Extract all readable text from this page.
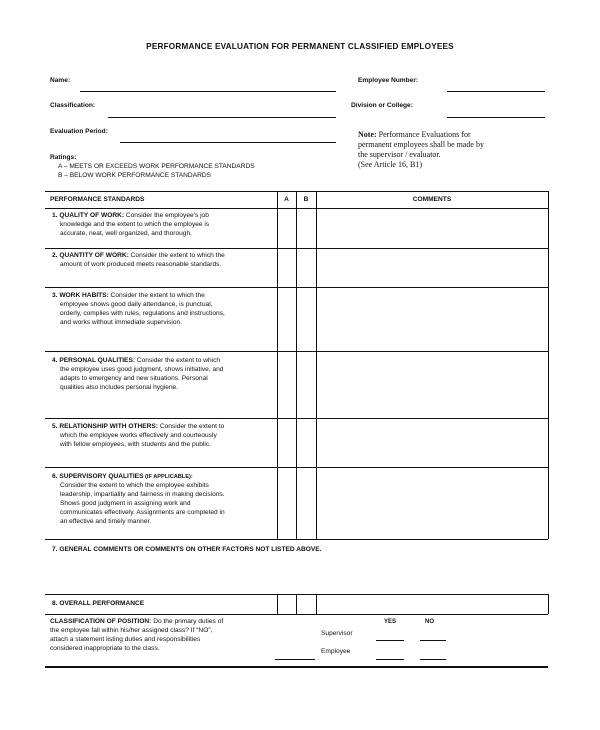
PERFORMANCE EVALUATION FOR PERMANENT CLASSIFIED EMPLOYEES
Name:	Employee Number:
Classification:	Division or College:
Evaluation Period:	Note: Performance Evaluations for
permanent employees shall be made by
the supervisor / evaluator.
(See Article 16, B1)
Ratings:
A – MEETS OR EXCEEDS WORK PERFORMANCE STANDARDS
B – BELOW WORK PERFORMANCE STANDARDS
PERFORMANCE STANDARDS	A	B	COMMENTS
1. QUALITY OF WORK: Consider the employee's job
knowledge and the extent to which the employee is
accurate, neat, well organized, and thorough.
2. QUANTITY OF WORK: Consider the extent to which the
amount of work produced meets reasonable standards.
3. WORK HABITS: Consider the extent to which the
employee shows good daily attendance, is punctual,
orderly, complies with rules, regulations and instructions,
and works without immediate supervision.
4. PERSONAL QUALITIES: Consider the extent to which
the employee uses good judgment, shows initiative, and
adapts to emergency and new situations. Personal
qualities also includes personal hygiene.
5. RELATIONSHIP WITH OTHERS: Consider the extent to
which the employee works effectively and courteously
with fellow employees, with students and the public.
6. SUPERVISORY QUALITIES (IF APPLICABLE):
Consider the extent to which the employee exhibits
leadership, impartiality and fairness in making decisions.
Shows good judgment in assigning work and
communicates effectively. Assignments are completed in
an effective and timely manner.
7. GENERAL COMMENTS OR COMMENTS ON OTHER FACTORS NOT LISTED ABOVE.
8. OVERALL PERFORMANCE
CLASSIFICATION OF POSITION: Do the primary duties of
the employee fall within his/her assigned class? If “NO”,
attach a statement listing duties and responsibilities
considered inappropriate to the class.
YES	NO
Supervisor
Employee
